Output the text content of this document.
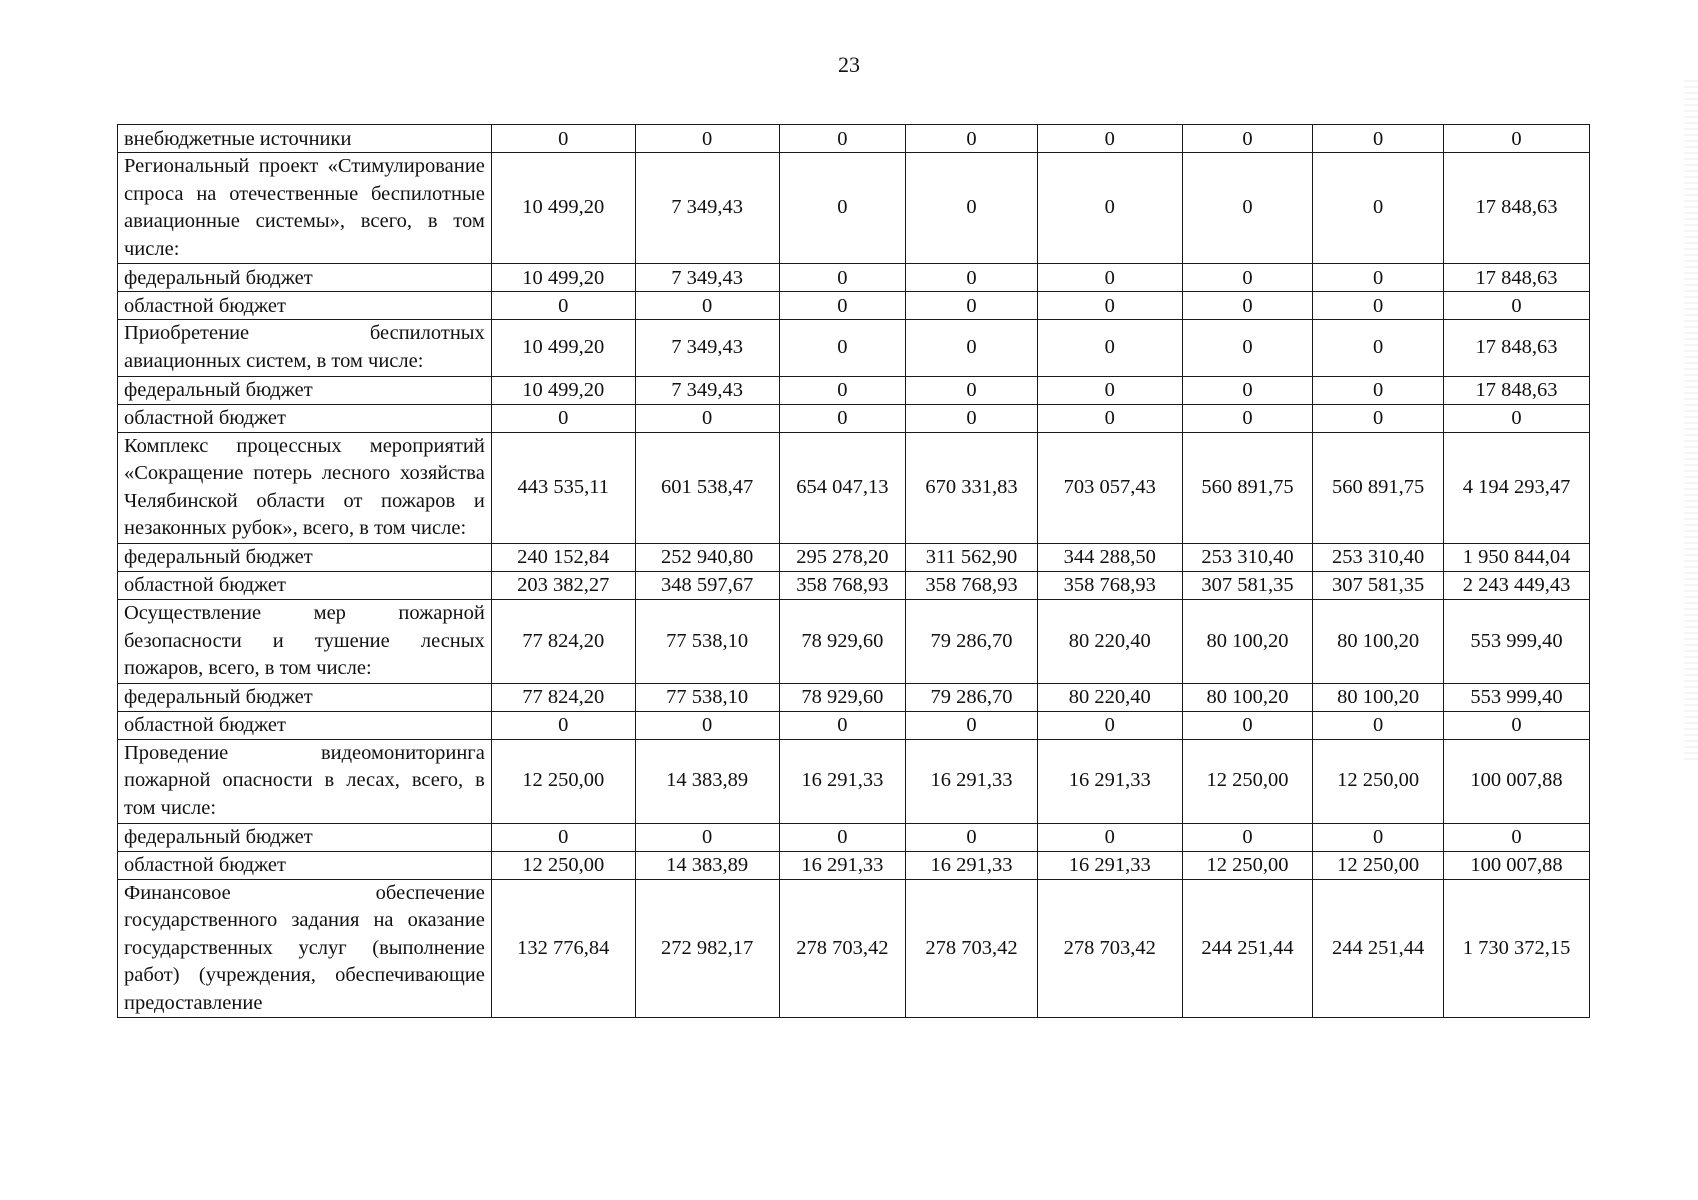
23
внебюджетные источники	0	0	0	0	0	0	0	0
Региональный проект «Стимулирование спроса на отечественные беспилотные авиационные системы», всего, в том числе:	10 499,20	7 349,43	0	0	0	0	0	17 848,63
федеральный бюджет	10 499,20	7 349,43	0	0	0	0	0	17 848,63
областной бюджет	0	0	0	0	0	0	0	0
Приобретение беспилотных авиационных систем, в том числе:	10 499,20	7 349,43	0	0	0	0	0	17 848,63
федеральный бюджет	10 499,20	7 349,43	0	0	0	0	0	17 848,63
областной бюджет	0	0	0	0	0	0	0	0
Комплекс процессных мероприятий «Сокращение потерь лесного хозяйства Челябинской области от пожаров и незаконных рубок», всего, в том числе:	443 535,11	601 538,47	654 047,13	670 331,83	703 057,43	560 891,75	560 891,75	4 194 293,47
федеральный бюджет	240 152,84	252 940,80	295 278,20	311 562,90	344 288,50	253 310,40	253 310,40	1 950 844,04
областной бюджет	203 382,27	348 597,67	358 768,93	358 768,93	358 768,93	307 581,35	307 581,35	2 243 449,43
Осуществление мер пожарной безопасности и тушение лесных пожаров, всего, в том числе:	77 824,20	77 538,10	78 929,60	79 286,70	80 220,40	80 100,20	80 100,20	553 999,40
федеральный бюджет	77 824,20	77 538,10	78 929,60	79 286,70	80 220,40	80 100,20	80 100,20	553 999,40
областной бюджет	0	0	0	0	0	0	0	0
Проведение видеомониторинга пожарной опасности в лесах, всего, в том числе:	12 250,00	14 383,89	16 291,33	16 291,33	16 291,33	12 250,00	12 250,00	100 007,88
федеральный бюджет	0	0	0	0	0	0	0	0
областной бюджет	12 250,00	14 383,89	16 291,33	16 291,33	16 291,33	12 250,00	12 250,00	100 007,88
Финансовое обеспечение государственного задания на оказание государственных услуг (выполнение работ) (учреждения, обеспечивающие предоставление	132 776,84	272 982,17	278 703,42	278 703,42	278 703,42	244 251,44	244 251,44	1 730 372,15
